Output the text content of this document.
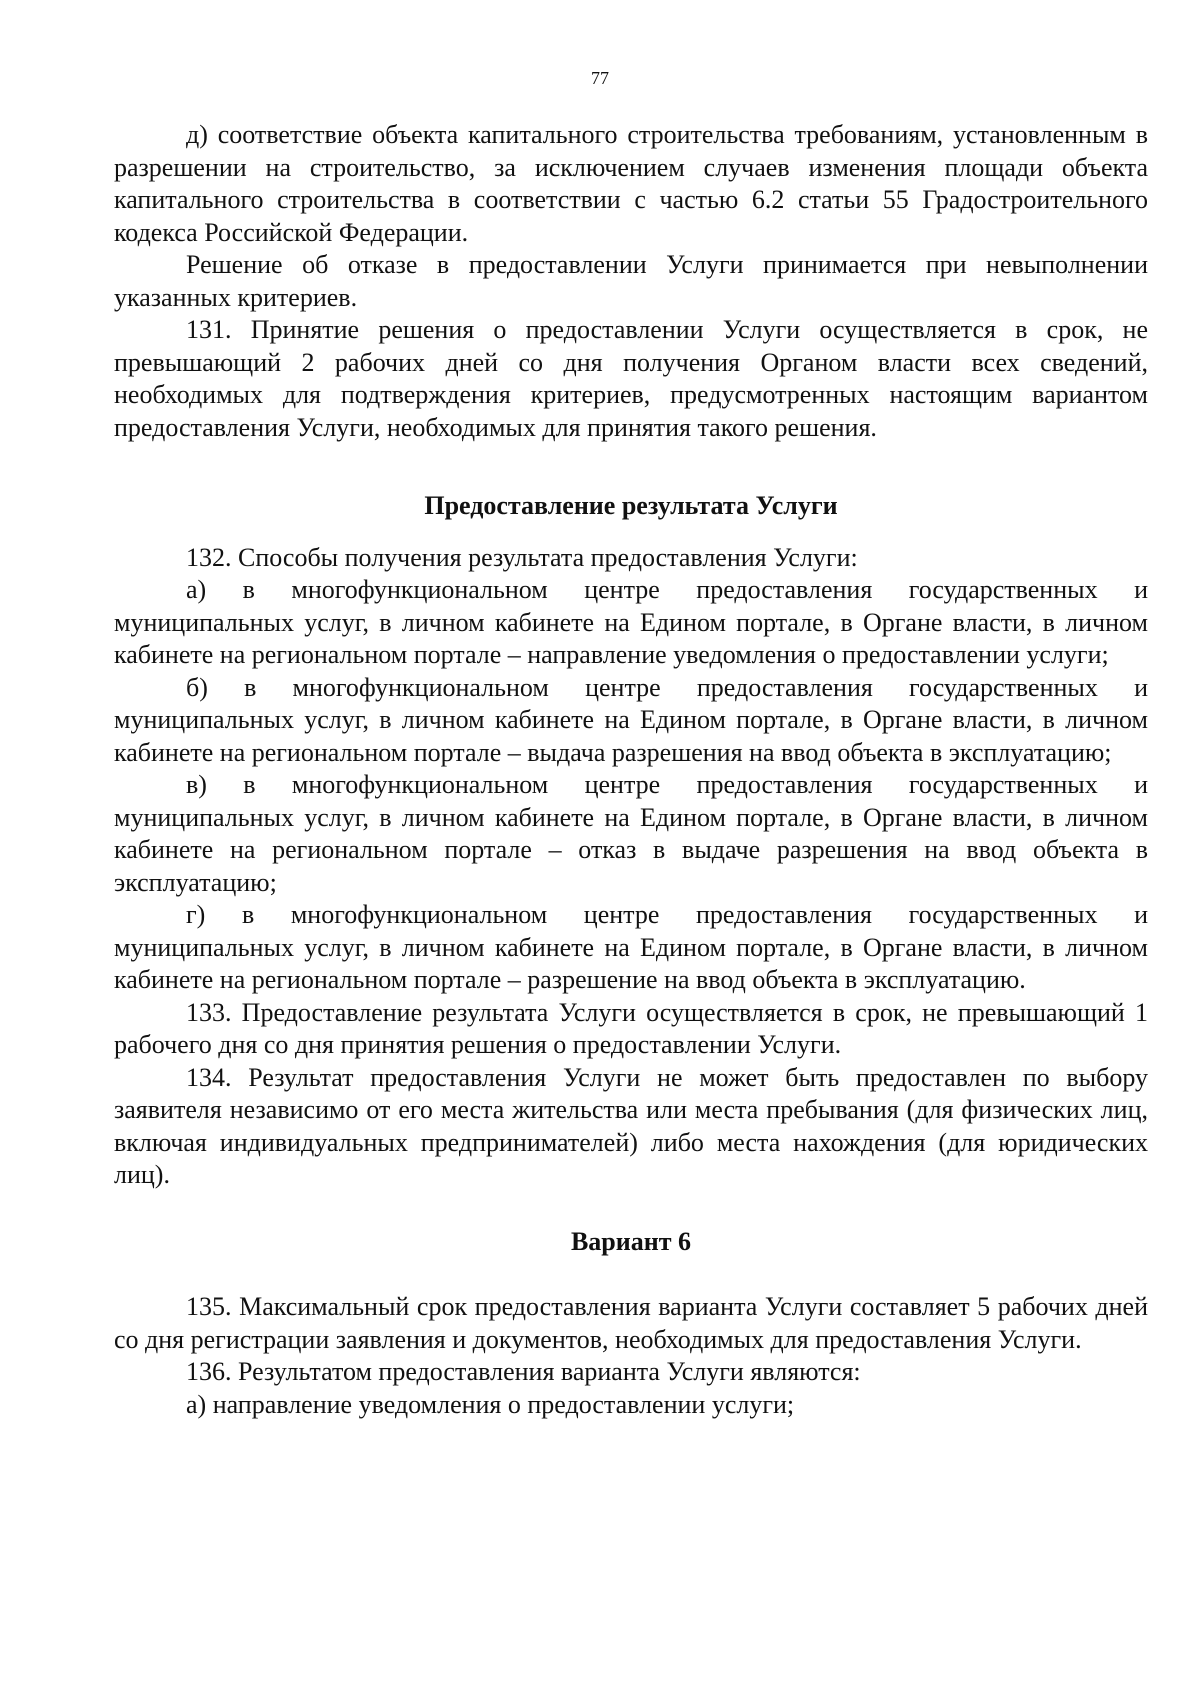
77

д) соответствие объекта капитального строительства требованиям, установленным в разрешении на строительство, за исключением случаев изменения площади объекта капитального строительства в соответствии с частью 6.2 статьи 55 Градостроительного кодекса Российской Федерации.

Решение об отказе в предоставлении Услуги принимается при невыполнении указанных критериев.

131. Принятие решения о предоставлении Услуги осуществляется в срок, не превышающий 2 рабочих дней со дня получения Органом власти всех сведений, необходимых для подтверждения критериев, предусмотренных настоящим вариантом предоставления Услуги, необходимых для принятия такого решения.

Предоставление результата Услуги

132. Способы получения результата предоставления Услуги:

а) в многофункциональном центре предоставления государственных и муниципальных услуг, в личном кабинете на Едином портале, в Органе власти, в личном кабинете на региональном портале – направление уведомления о предоставлении услуги;

б) в многофункциональном центре предоставления государственных и муниципальных услуг, в личном кабинете на Едином портале, в Органе власти, в личном кабинете на региональном портале – выдача разрешения на ввод объекта в эксплуатацию;

в) в многофункциональном центре предоставления государственных и муниципальных услуг, в личном кабинете на Едином портале, в Органе власти, в личном кабинете на региональном портале – отказ в выдаче разрешения на ввод объекта в эксплуатацию;

г) в многофункциональном центре предоставления государственных и муниципальных услуг, в личном кабинете на Едином портале, в Органе власти, в личном кабинете на региональном портале – разрешение на ввод объекта в эксплуатацию.

133. Предоставление результата Услуги осуществляется в срок, не превышающий 1 рабочего дня со дня принятия решения о предоставлении Услуги.

134. Результат предоставления Услуги не может быть предоставлен по выбору заявителя независимо от его места жительства или места пребывания (для физических лиц, включая индивидуальных предпринимателей) либо места нахождения (для юридических лиц).

Вариант 6

135. Максимальный срок предоставления варианта Услуги составляет 5 рабочих дней со дня регистрации заявления и документов, необходимых для предоставления Услуги.

136. Результатом предоставления варианта Услуги являются:

а) направление уведомления о предоставлении услуги;
